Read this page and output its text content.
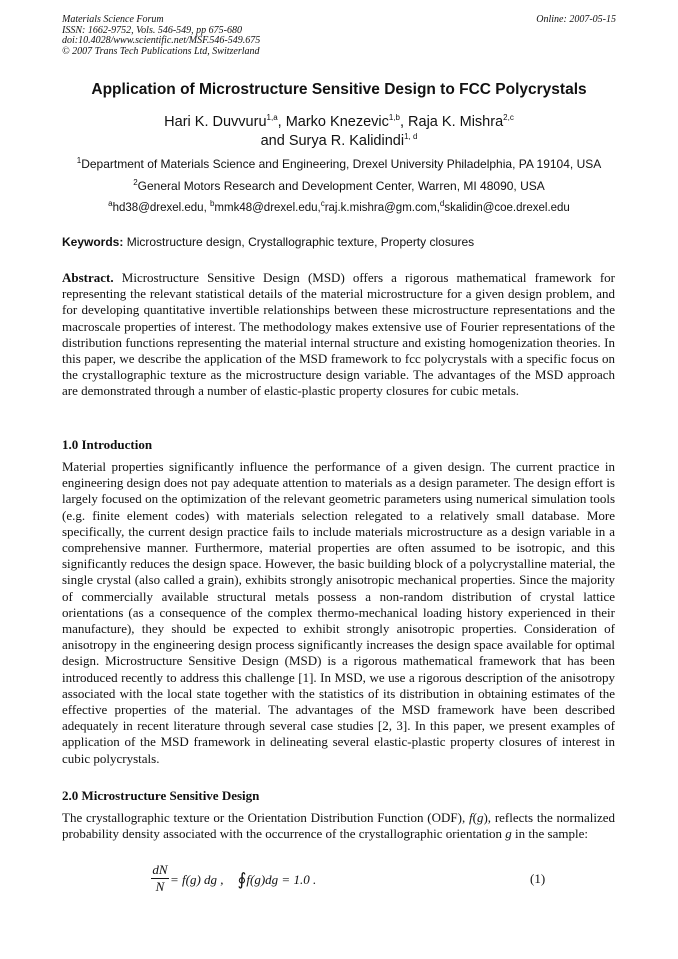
Materials Science Forum
ISSN: 1662-9752, Vols. 546-549, pp 675-680
doi:10.4028/www.scientific.net/MSF.546-549.675
© 2007 Trans Tech Publications Ltd, Switzerland
Online: 2007-05-15
Application of Microstructure Sensitive Design to FCC Polycrystals
Hari K. Duvvuru$^{1,a}$, Marko Knezevic$^{1,b}$, Raja K. Mishra$^{2,c}$
and Surya R. Kalidindi$^{1, d}$
$^1$Department of Materials Science and Engineering, Drexel University Philadelphia, PA 19104, USA
$^2$General Motors Research and Development Center, Warren, MI 48090, USA
$^a$hd38@drexel.edu, $^b$mmk48@drexel.edu,$^c$raj.k.mishra@gm.com,$^d$skalidin@coe.drexel.edu
Keywords: Microstructure design, Crystallographic texture, Property closures
Abstract. Microstructure Sensitive Design (MSD) offers a rigorous mathematical framework for representing the relevant statistical details of the material microstructure for a given design problem, and for developing quantitative invertible relationships between these microstructure representations and the macroscale properties of interest. The methodology makes extensive use of Fourier representations of the distribution functions representing the material internal structure and existing homogenization theories. In this paper, we describe the application of the MSD framework to fcc polycrystals with a specific focus on the crystallographic texture as the microstructure design variable. The advantages of the MSD approach are demonstrated through a number of elastic-plastic property closures for cubic metals.
1.0 Introduction
Material properties significantly influence the performance of a given design. The current practice in engineering design does not pay adequate attention to materials as a design parameter. The design effort is largely focused on the optimization of the relevant geometric parameters using numerical simulation tools (e.g. finite element codes) with materials selection relegated to a relatively small database. More specifically, the current design practice fails to include materials microstructure as a design variable in a comprehensive manner. Furthermore, material properties are often assumed to be isotropic, and this significantly reduces the design space. However, the basic building block of a polycrystalline material, the single crystal (also called a grain), exhibits strongly anisotropic mechanical properties. Since the majority of commercially available structural metals possess a non-random distribution of crystal lattice orientations (as a consequence of the complex thermo-mechanical loading history experienced in their manufacture), they should be expected to exhibit strongly anisotropic properties. Consideration of anisotropy in the engineering design process significantly increases the design space available for optimal design. Microstructure Sensitive Design (MSD) is a rigorous mathematical framework that has been introduced recently to address this challenge [1]. In MSD, we use a rigorous description of the anisotropy associated with the local state together with the statistics of its distribution in obtaining estimates of the effective properties of the material. The advantages of the MSD framework have been described adequately in recent literature through several case studies [2, 3]. In this paper, we present examples of application of the MSD framework in delineating several elastic-plastic property closures of interest in cubic polycrystals.
2.0 Microstructure Sensitive Design
The crystallographic texture or the Orientation Distribution Function (ODF), f(g), reflects the normalized probability density associated with the occurrence of the crystallographic orientation g in the sample:
dN
N = f(g) dg , ∮f(g)dg = 1.0 .	(1)
